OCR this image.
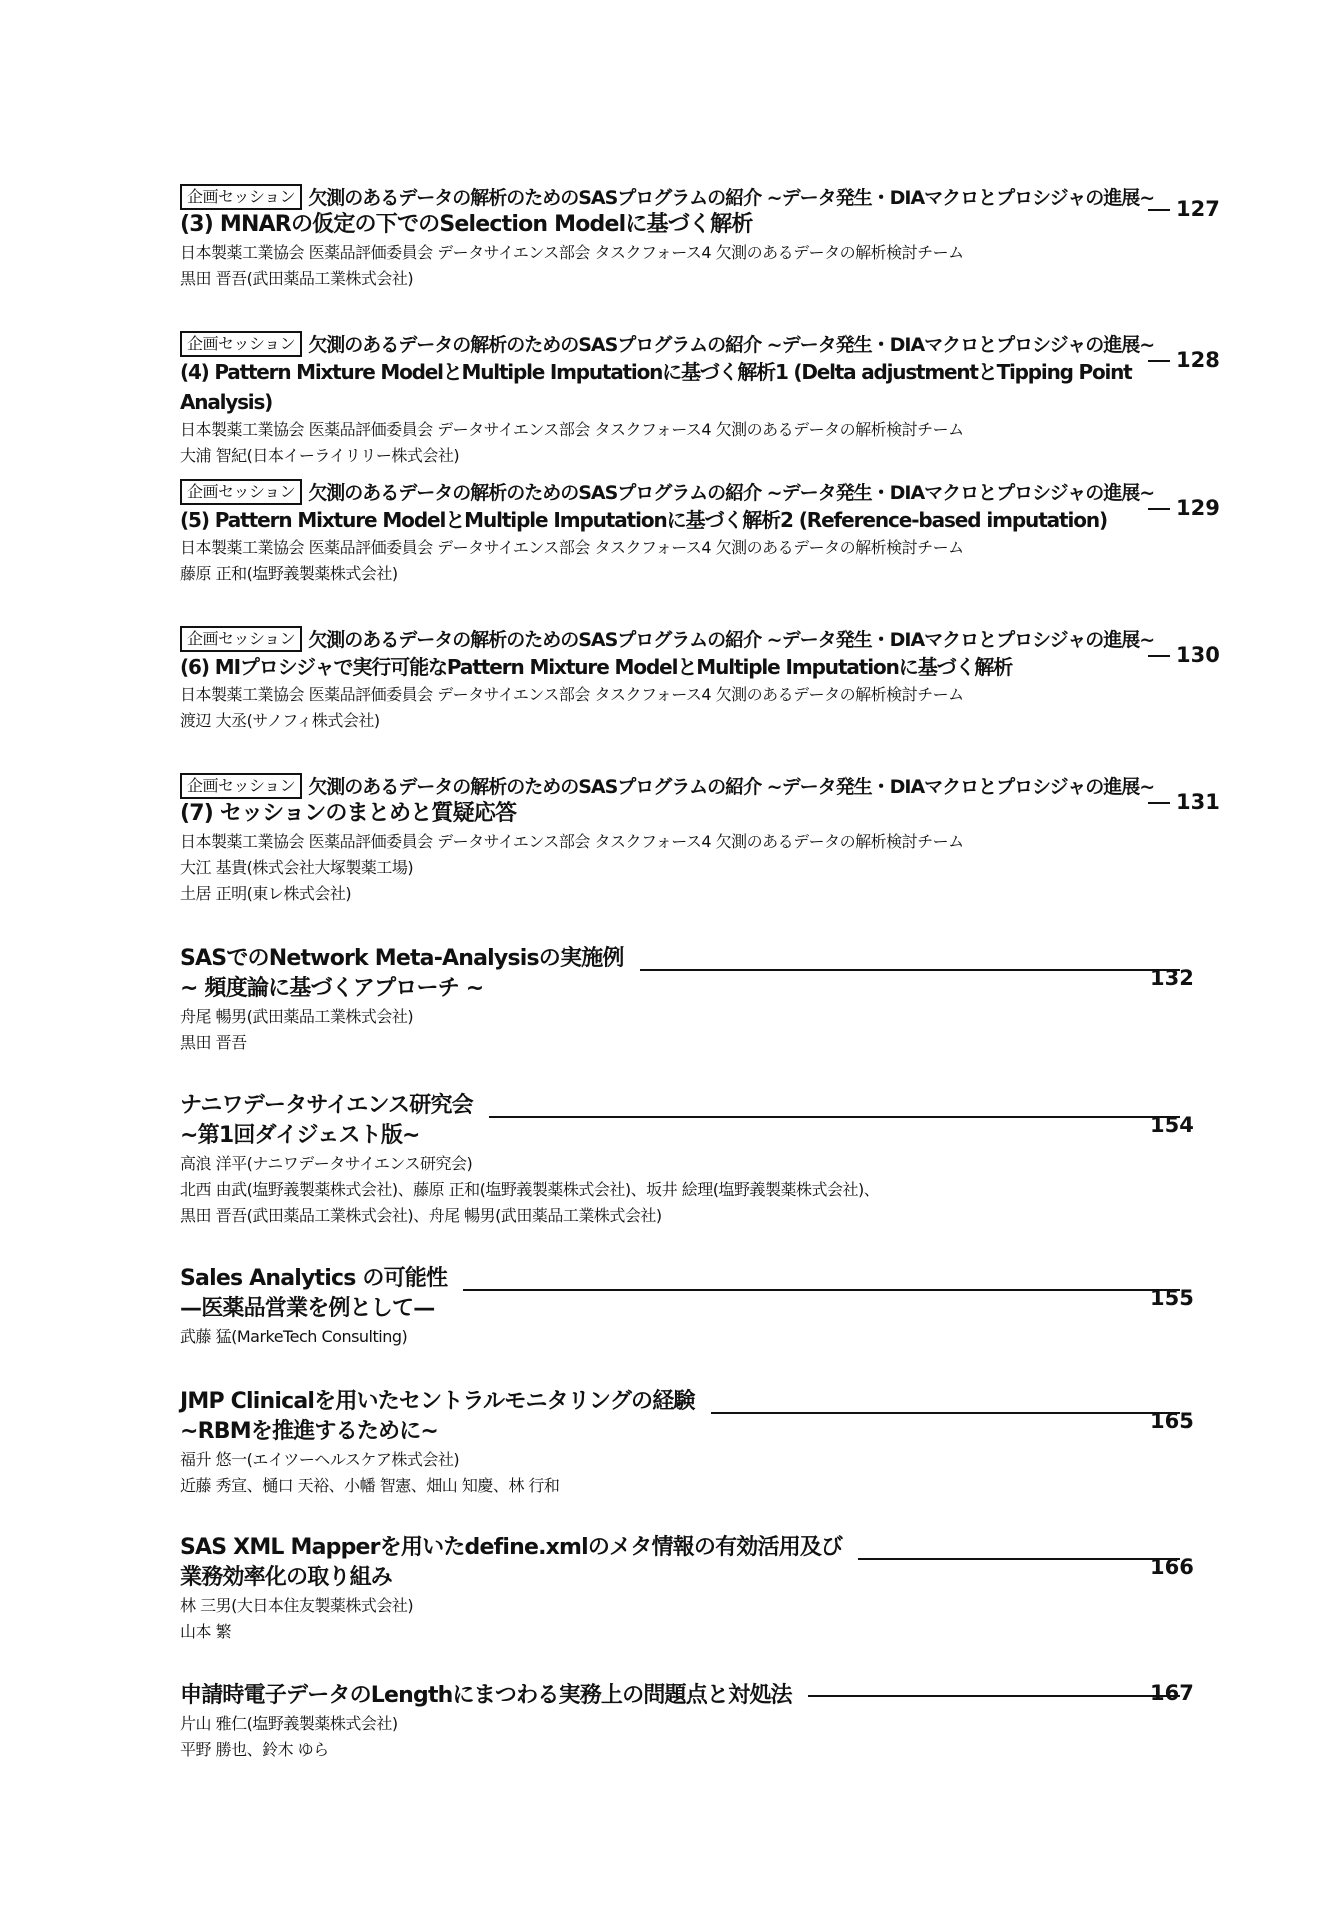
企画セッション 欠測のあるデータの解析のためのSASプログラムの紹介 ~データ発生・DIAマクロとプロシジャの進展~
(3) MNARの仮定の下でのSelection Modelに基づく解析
日本製薬工業協会 医薬品評価委員会 データサイエンス部会 タスクフォース4 欠測のあるデータの解析検討チーム
黒田 晋吾(武田薬品工業株式会社)
127
企画セッション 欠測のあるデータの解析のためのSASプログラムの紹介 ~データ発生・DIAマクロとプロシジャの進展~
(4) Pattern Mixture ModelとMultiple Imputationに基づく解析1 (Delta adjustmentとTipping Point Analysis)
日本製薬工業協会 医薬品評価委員会 データサイエンス部会 タスクフォース4 欠測のあるデータの解析検討チーム
大浦 智紀(日本イーライリリー株式会社)
128
企画セッション 欠測のあるデータの解析のためのSASプログラムの紹介 ~データ発生・DIAマクロとプロシジャの進展~
(5) Pattern Mixture ModelとMultiple Imputationに基づく解析2 (Reference-based imputation)
日本製薬工業協会 医薬品評価委員会 データサイエンス部会 タスクフォース4 欠測のあるデータの解析検討チーム
藤原 正和(塩野義製薬株式会社)
129
企画セッション 欠測のあるデータの解析のためのSASプログラムの紹介 ~データ発生・DIAマクロとプロシジャの進展~
(6) MIプロシジャで実行可能なPattern Mixture ModelとMultiple Imputationに基づく解析
日本製薬工業協会 医薬品評価委員会 データサイエンス部会 タスクフォース4 欠測のあるデータの解析検討チーム
渡辺 大丞(サノフィ株式会社)
130
企画セッション 欠測のあるデータの解析のためのSASプログラムの紹介 ~データ発生・DIAマクロとプロシジャの進展~
(7) セッションのまとめと質疑応答
日本製薬工業協会 医薬品評価委員会 データサイエンス部会 タスクフォース4 欠測のあるデータの解析検討チーム
大江 基貴(株式会社大塚製薬工場)
土居 正明(東レ株式会社)
131
SASでのNetwork Meta-Analysisの実施例
~ 頻度論に基づくアプローチ ~
舟尾 暢男(武田薬品工業株式会社)
黒田 晋吾
132
ナニワデータサイエンス研究会
~第1回ダイジェスト版~
高浪 洋平(ナニワデータサイエンス研究会)
北西 由武(塩野義製薬株式会社)、藤原 正和(塩野義製薬株式会社)、坂井 絵理(塩野義製薬株式会社)、
黒田 晋吾(武田薬品工業株式会社)、舟尾 暢男(武田薬品工業株式会社)
154
Sales Analytics の可能性
—医薬品営業を例として—
武藤 猛(MarkeTech Consulting)
155
JMP Clinicalを用いたセントラルモニタリングの経験
~RBMを推進するために~
福升 悠一(エイツーヘルスケア株式会社)
近藤 秀宣、樋口 天裕、小幡 智憲、畑山 知慶、林 行和
165
SAS XML Mapperを用いたdefine.xmlのメタ情報の有効活用及び
業務効率化の取り組み
林 三男(大日本住友製薬株式会社)
山本 繁
166
申請時電子データのLengthにまつわる実務上の問題点と対処法
片山 雅仁(塩野義製薬株式会社)
平野 勝也、鈴木 ゆら
167
